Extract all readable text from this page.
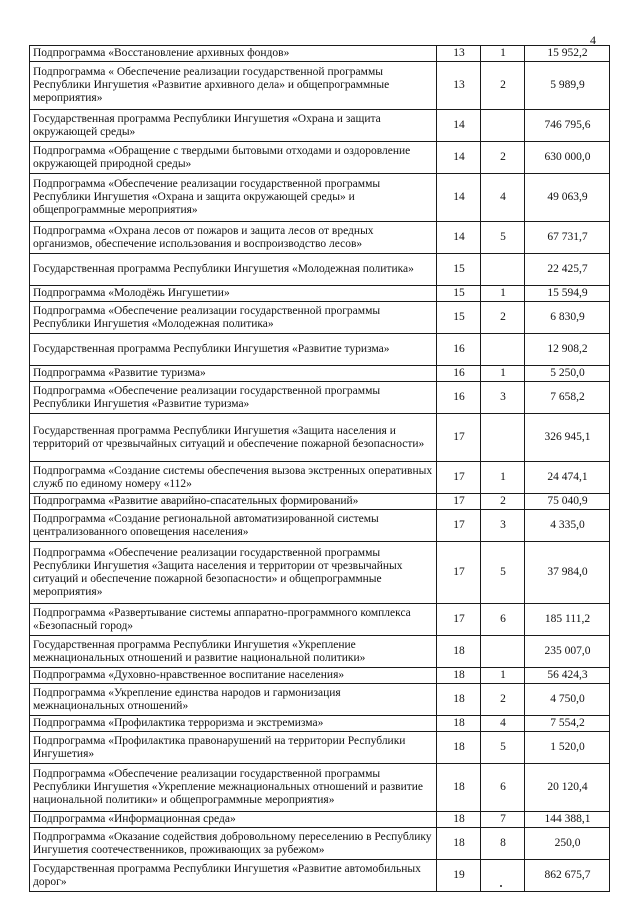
4
Подпрограмма «Восстановление архивных фондов»	13	1	15 952,2
Подпрограмма « Обеспечение реализации государственной программы Республики Ингушетия «Развитие архивного дела» и общепрограммные мероприятия»	13	2	5 989,9
Государственная программа Республики Ингушетия «Охрана и защита окружающей среды»	14		746 795,6
Подпрограмма «Обращение с твердыми бытовыми отходами и оздоровление окружающей природной среды»	14	2	630 000,0
Подпрограмма «Обеспечение реализации государственной программы Республики Ингушетия «Охрана и защита окружающей среды» и общепрограммные мероприятия»	14	4	49 063,9
Подпрограмма «Охрана лесов от пожаров и защита лесов от вредных организмов, обеспечение использования и воспроизводство лесов»	14	5	67 731,7
Государственная программа Республики Ингушетия «Молодежная политика»	15		22 425,7
Подпрограмма «Молодёжь Ингушетии»	15	1	15 594,9
Подпрограмма «Обеспечение реализации государственной программы Республики Ингушетия «Молодежная политика»	15	2	6 830,9
Государственная программа Республики Ингушетия «Развитие туризма»	16		12 908,2
Подпрограмма «Развитие туризма»	16	1	5 250,0
Подпрограмма «Обеспечение реализации государственной программы Республики Ингушетия «Развитие туризма»	16	3	7 658,2
Государственная программа Республики Ингушетия «Защита населения и территорий от чрезвычайных ситуаций и обеспечение пожарной безопасности»	17		326 945,1
Подпрограмма «Создание системы обеспечения вызова экстренных оперативных служб по единому номеру «112»	17	1	24 474,1
Подпрограмма «Развитие аварийно-спасательных формирований»	17	2	75 040,9
Подпрограмма «Создание региональной автоматизированной системы централизованного оповещения населения»	17	3	4 335,0
Подпрограмма «Обеспечение реализации государственной программы Республики Ингушетия «Защита населения и территории от чрезвычайных ситуаций и обеспечение пожарной безопасности» и общепрограммные мероприятия»	17	5	37 984,0
Подпрограмма «Развертывание системы аппаратно-программного комплекса «Безопасный город»	17	6	185 111,2
Государственная программа Республики Ингушетия «Укрепление межнациональных отношений и развитие национальной политики»	18		235 007,0
Подпрограмма «Духовно-нравственное воспитание населения»	18	1	56 424,3
Подпрограмма «Укрепление единства народов и гармонизация межнациональных отношений»	18	2	4 750,0
Подпрограмма «Профилактика терроризма и экстремизма»	18	4	7 554,2
Подпрограмма «Профилактика правонарушений на территории Республики Ингушетия»	18	5	1 520,0
Подпрограмма «Обеспечение реализации государственной программы Республики Ингушетия «Укрепление межнациональных отношений и развитие национальной политики» и общепрограммные мероприятия»	18	6	20 120,4
Подпрограмма «Информационная среда»	18	7	144 388,1
Подпрограмма «Оказание содействия добровольному переселению в Республику Ингушетия соотечественников, проживающих за рубежом»	18	8	250,0
Государственная программа Республики Ингушетия «Развитие автомобильных дорог»	19		862 675,7
